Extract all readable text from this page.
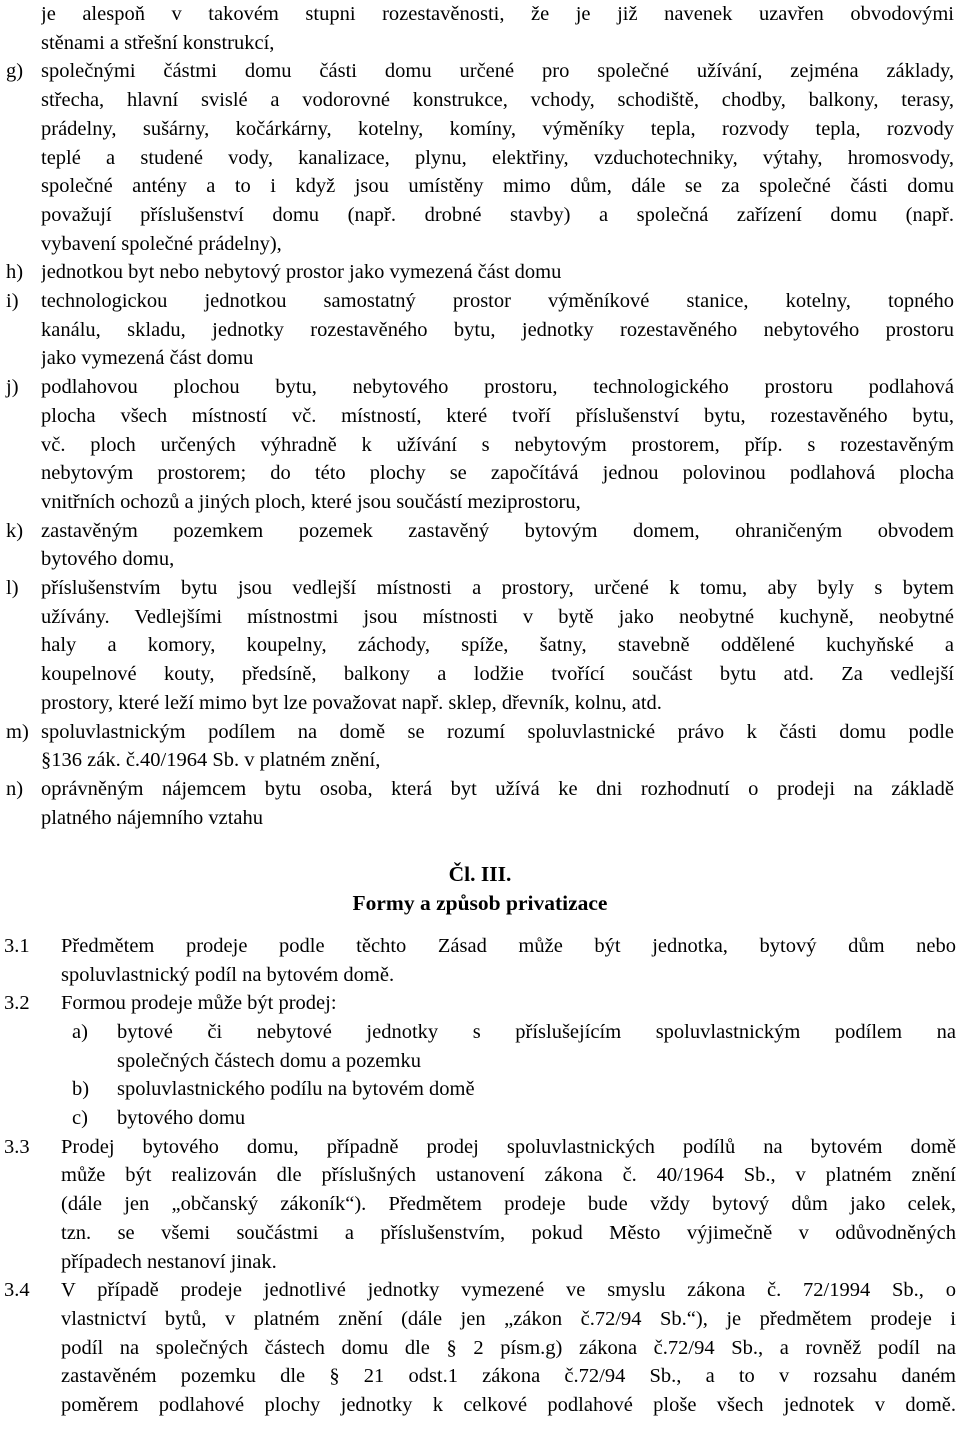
je alespoň v takovém stupni rozestavěnosti, že je již navenek uzavřen obvodovými
stěnami a střešní konstrukcí,
g) společnými částmi domu části domu určené pro společné užívání, zejména základy,
střecha, hlavní svislé a vodorovné konstrukce, vchody, schodiště, chodby, balkony, terasy,
prádelny, sušárny, kočárkárny, kotelny, komíny, výměníky tepla, rozvody tepla, rozvody
teplé a studené vody, kanalizace, plynu, elektřiny, vzduchotechniky, výtahy, hromosvody,
společné antény a to i když jsou umístěny mimo dům, dále se za společné části domu
považují příslušenství domu (např. drobné stavby) a společná zařízení domu (např.
vybavení společné prádelny),
h) jednotkou byt nebo nebytový prostor jako vymezená část domu
i) technologickou jednotkou samostatný prostor výměníkové stanice, kotelny, topného
kanálu, skladu, jednotky rozestavěného bytu, jednotky rozestavěného nebytového prostoru
jako vymezená část domu
j) podlahovou plochou bytu, nebytového prostoru, technologického prostoru podlahová
plocha všech místností vč. místností, které tvoří příslušenství bytu, rozestavěného bytu,
vč. ploch určených výhradně k užívání s nebytovým prostorem, příp. s rozestavěným
nebytovým prostorem; do této plochy se započítává jednou polovinou podlahová plocha
vnitřních ochozů a jiných ploch, které jsou součástí meziprostoru,
k) zastavěným pozemkem pozemek zastavěný bytovým domem, ohraničeným obvodem
bytového domu,
l) příslušenstvím bytu jsou vedlejší místnosti a prostory, určené k tomu, aby byly s bytem
užívány. Vedlejšími místnostmi jsou místnosti v bytě jako neobytné kuchyně, neobytné
haly a komory, koupelny, záchody, spíže, šatny, stavebně oddělené kuchyňské a
koupelnové kouty, předsíně, balkony a lodžie tvořící součást bytu atd. Za vedlejší
prostory, které leží mimo byt lze považovat např. sklep, dřevník, kolnu, atd.
m) spoluvlastnickým podílem na domě se rozumí spoluvlastnické právo k části domu podle
§136 zák. č.40/1964 Sb. v platném znění,
n) oprávněným nájemcem bytu osoba, která byt užívá ke dni rozhodnutí o prodeji na základě
platného nájemního vztahu
Čl. III.
Formy a způsob privatizace
3.1 Předmětem prodeje podle těchto Zásad může být jednotka, bytový dům nebo
spoluvlastnický podíl na bytovém domě.
3.2 Formou prodeje může být prodej:
a) bytové či nebytové jednotky s příslušejícím spoluvlastnickým podílem na
společných částech domu a pozemku
b) spoluvlastnického podílu na bytovém domě
c) bytového domu
3.3 Prodej bytového domu, případně prodej spoluvlastnických podílů na bytovém domě
může být realizován dle příslušných ustanovení zákona č. 40/1964 Sb., v platném znění
(dále jen „občanský zákoník“). Předmětem prodeje bude vždy bytový dům jako celek,
tzn. se všemi součástmi a příslušenstvím, pokud Město výjimečně v odůvodněných
případech nestanoví jinak.
3.4 V případě prodeje jednotlivé jednotky vymezené ve smyslu zákona č. 72/1994 Sb., o
vlastnictví bytů, v platném znění (dále jen „zákon č.72/94 Sb.“), je předmětem prodeje i
podíl na společných částech domu dle § 2 písm.g) zákona č.72/94 Sb., a rovněž podíl na
zastavěném pozemku dle § 21 odst.1 zákona č.72/94 Sb., a to v rozsahu daném
poměrem podlahové plochy jednotky k celkové podlahové ploše všech jednotek v domě.
